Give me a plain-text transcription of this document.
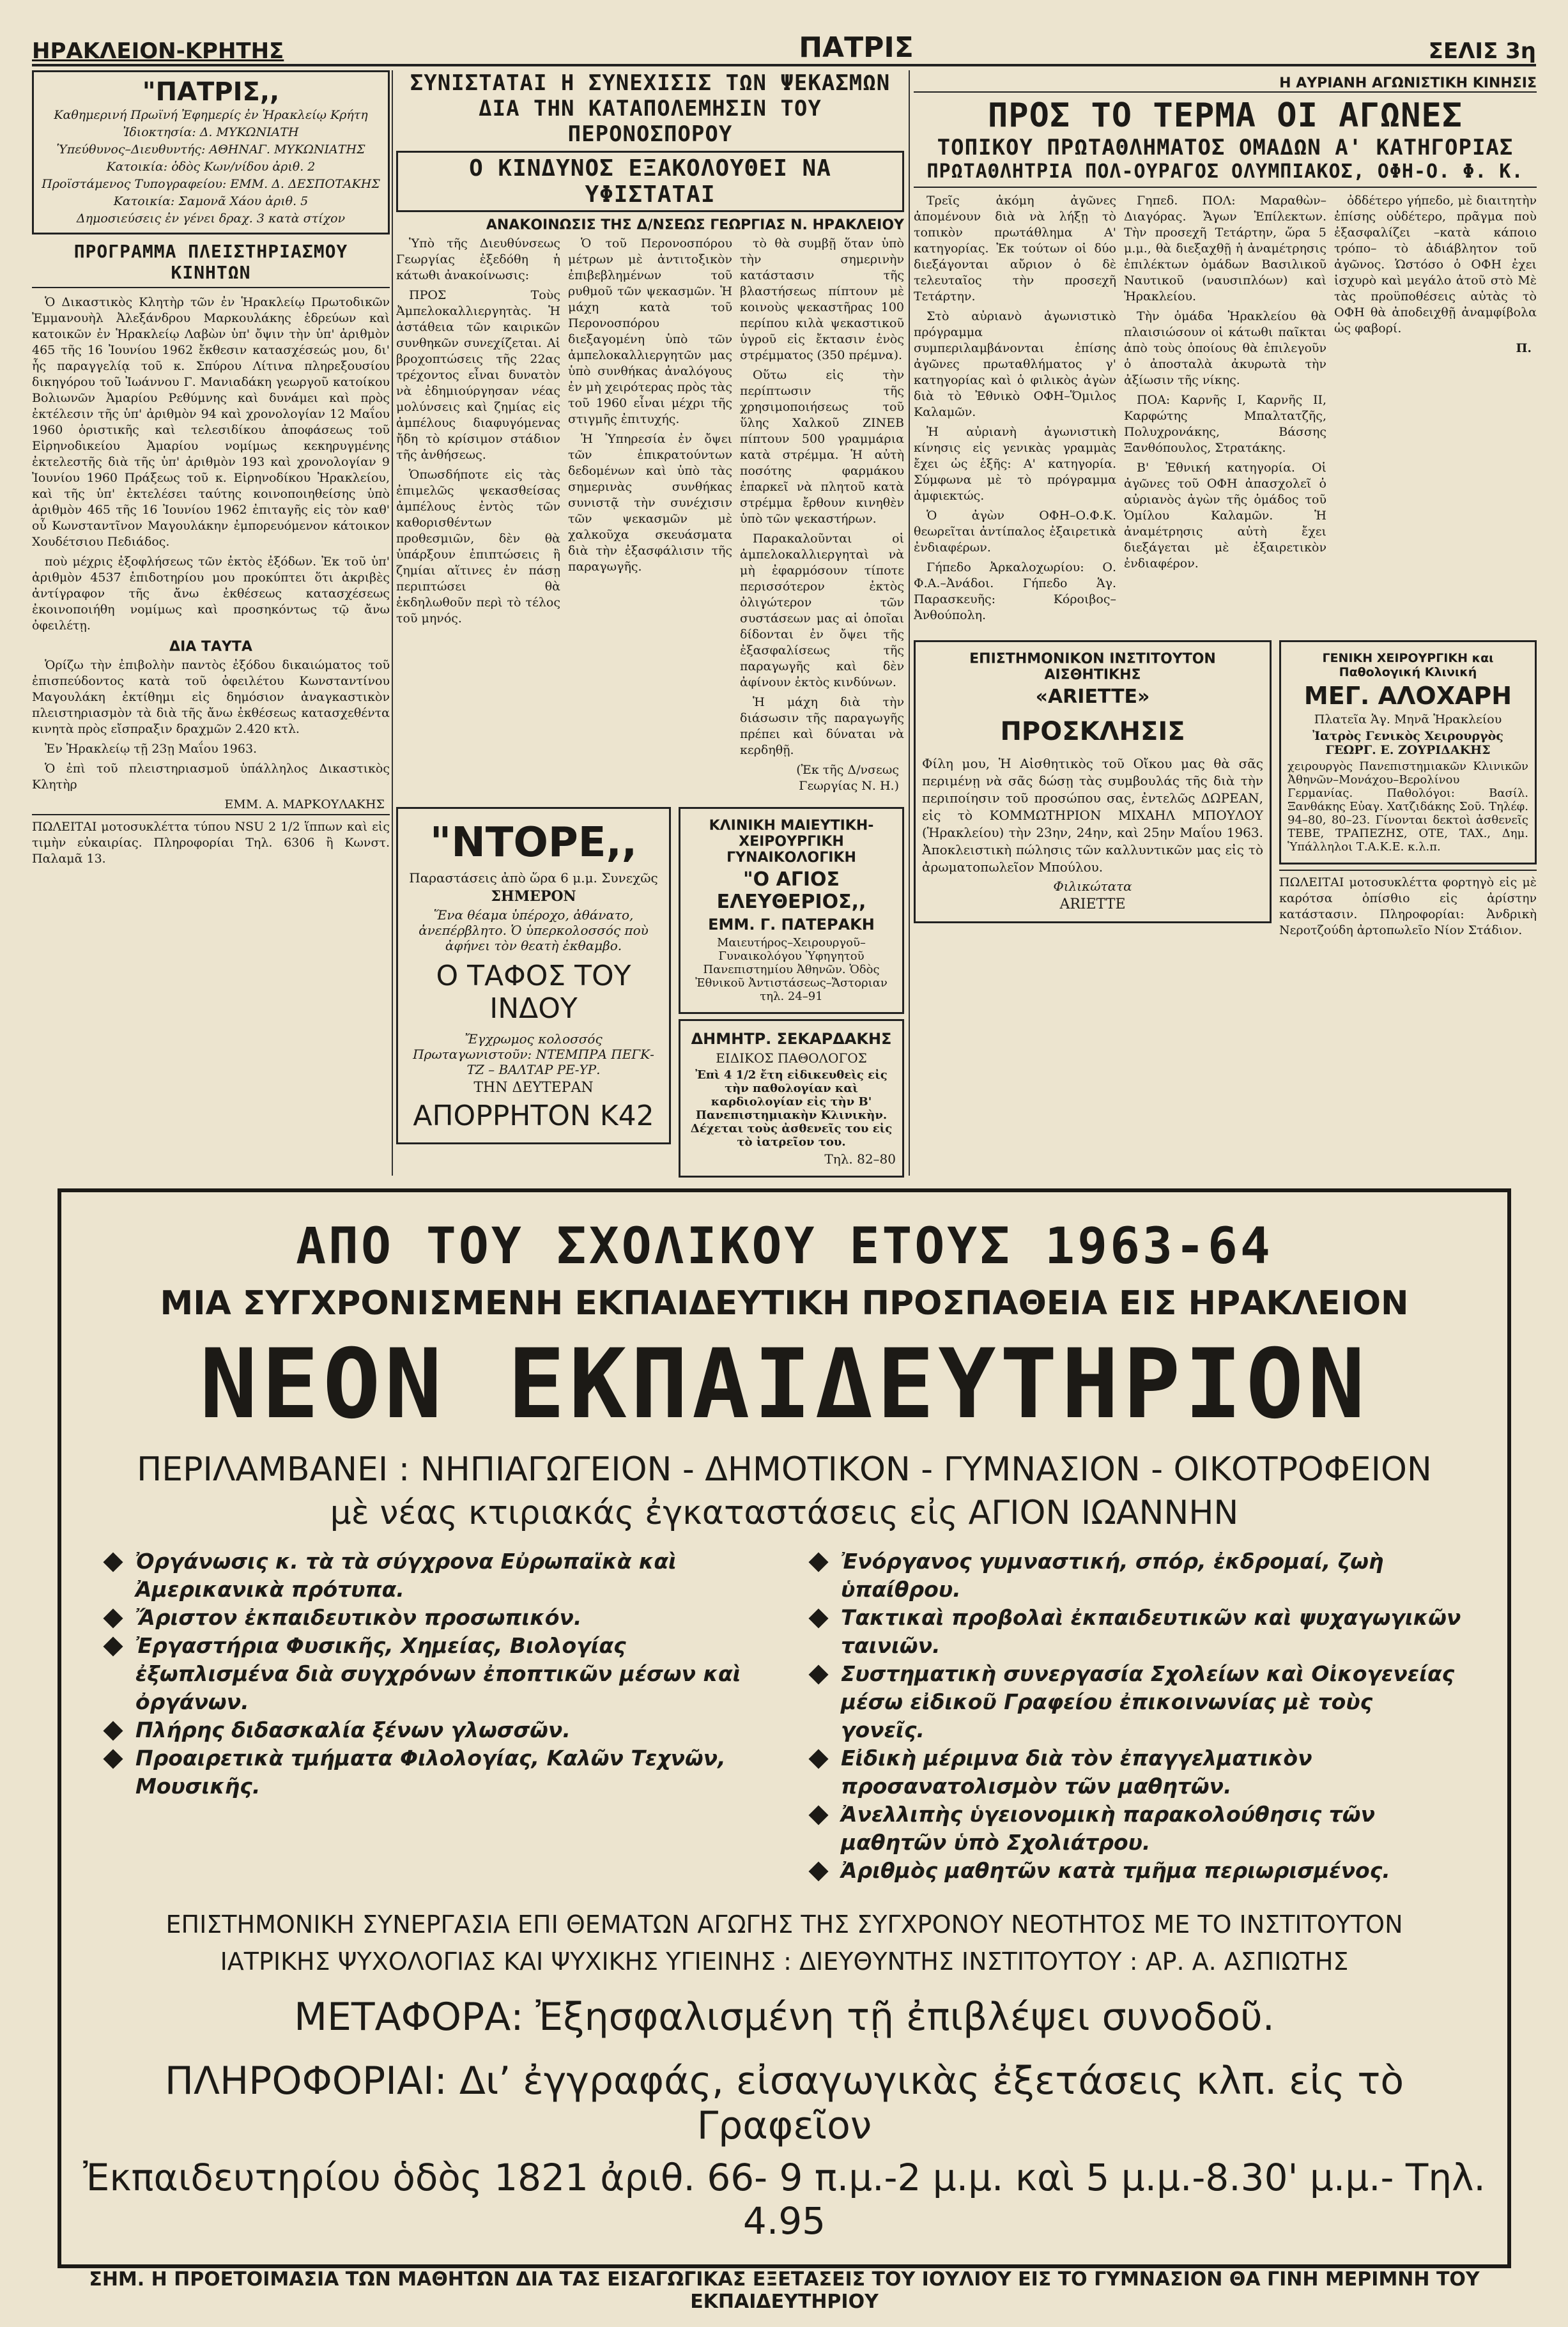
ΗΡΑΚΛΕΙΟΝ-ΚΡΗΤΗΣ	ΠΑΤΡΙΣ	ΣΕΛΙΣ 3η
"ΠΑΤΡΙΣ,,

Καθημερινή Πρωϊνή Ἐφημερίς ἐν Ἡρακλείῳ Κρήτη

Ἰδιοκτησία: Δ. ΜΥΚΩΝΙΑΤΗ

Ὑπεύθυνος–Διευθυντής: ΑΘΗΝΑΓ. ΜΥΚΩΝΙΑΤΗΣ Κατοικία: ὁδὸς Κων/νίδου ἀριθ. 2

Προϊστάμενος Τυπογραφείου: ΕΜΜ. Δ. ΔΕΣΠΟΤΑΚΗΣ Κατοικία: Σαμονᾶ Χάου ἀριθ. 5

Δημοσιεύσεις ἐν γένει δραχ. 3 κατὰ στίχον

ΠΡΟΓΡΑΜΜΑ ΠΛΕΙΣΤΗΡΙΑΣΜΟΥ ΚΙΝΗΤΩΝ

Ὁ Δικαστικὸς Κλητὴρ τῶν ἐν Ἡρακλείῳ Πρωτοδικῶν Ἐμμανουὴλ Ἀλεξάνδρου Μαρκουλάκης ἑδρεύων καὶ κατοικῶν ἐν Ἡρακλείῳ Λαβὼν ὑπ' ὄψιν τὴν ὑπ' ἀριθμὸν 465 τῆς 16 Ἰουνίου 1962 ἔκθεσιν κατασχέσεώς μου, δι' ἧς παραγγελίᾳ τοῦ κ. Σπύρου Λίτινα πληρεξουσίου δικηγόρου τοῦ Ἰωάννου Γ. Μανιαδάκη γεωργοῦ κατοίκου Βολιωνῶν Ἀμαρίου Ρεθύμνης καὶ δυνάμει καὶ πρὸς ἐκτέλεσιν τῆς ὑπ' ἀριθμὸν 94 καὶ χρονολογίαν 12 Μαΐου 1960 ὁριστικῆς καὶ τελεσιδίκου ἀποφάσεως τοῦ Εἰρηνοδικείου Ἀμαρίου νομίμως κεκηρυγμένης ἐκτελεστῆς διὰ τῆς ὑπ' ἀριθμὸν 193 καὶ χρονολογίαν 9 Ἰουνίου 1960 Πράξεως τοῦ κ. Εἰρηνοδίκου Ἡρακλείου, καὶ τῆς ὑπ' ἐκτελέσει ταύτης κοινοποιηθείσης ὑπὸ ἀριθμὸν 465 τῆς 16 Ἰουνίου 1962 ἐπιταγῆς εἰς τὸν καθ' οὗ Κωνσταντῖνον Μαγουλάκην ἐμπορευόμενον κάτοικον Χουδέτσιου Πεδιάδος.

ποὺ μέχρις ἐξοφλήσεως τῶν ἐκτὸς ἐξόδων. Ἐκ τοῦ ὑπ' ἀριθμὸν 4537 ἐπιδοτηρίου μου προκύπτει ὅτι ἀκριβὲς ἀντίγραφον τῆς ἄνω ἐκθέσεως κατασχέσεως ἐκοινοποιήθη νομίμως καὶ προσηκόντως τῷ ἄνω ὀφειλέτῃ.

ΔΙΑ ΤΑΥΤΑ

Ὁρίζω τὴν ἐπιβολὴν παντὸς ἐξόδου δικαιώματος τοῦ ἐπισπεύδοντος κατὰ τοῦ ὀφειλέτου Κωνσταντίνου Μαγουλάκη ἐκτίθημι εἰς δημόσιον ἀναγκαστικὸν πλειστηριασμὸν τὰ διὰ τῆς ἄνω ἐκθέσεως κατασχεθέντα κινητὰ πρὸς εἴσπραξιν δραχμῶν 2.420 κτλ.

Ἐν Ἡρακλείῳ τῇ 23ῃ Μαΐου 1963.

Ὁ ἐπὶ τοῦ πλειστηριασμοῦ ὑπάλληλος Δικαστικὸς Κλητὴρ

ΕΜΜ. Α. ΜΑΡΚΟΥΛΑΚΗΣ

ΠΩΛΕΙΤΑΙ μοτοσυκλέττα τύπου NSU 2 1/2 ἵππων καὶ εἰς τιμὴν εὐκαιρίας. Πληροφορίαι Τηλ. 6306 ἢ Κωνστ. Παλαμᾶ 13.

ΣΥΝΙΣΤΑΤΑΙ Η ΣΥΝΕΧΙΣΙΣ ΤΩΝ ΨΕΚΑΣΜΩΝ
ΔΙΑ ΤΗΝ ΚΑΤΑΠΟΛΕΜΗΣΙΝ ΤΟΥ ΠΕΡΟΝΟΣΠΟΡΟΥ
Ο ΚΙΝΔΥΝΟΣ ΕΞΑΚΟΛΟΥΘΕΙ ΝΑ ΥΦΙΣΤΑΤΑΙ
ΑΝΑΚΟΙΝΩΣΙΣ ΤΗΣ Δ/ΝΣΕΩΣ ΓΕΩΡΓΙΑΣ Ν. ΗΡΑΚΛΕΙΟΥ

Ὑπὸ τῆς Διευθύνσεως Γεωργίας ἐξεδόθη ἡ κάτωθι ἀνακοίνωσις:

ΠΡΟΣ Τοὺς Ἀμπελοκαλλιεργητὰς. Ἡ ἀστάθεια τῶν καιρικῶν συνθηκῶν συνεχίζεται. Αἱ βροχοπτώσεις τῆς 22ας τρέχοντος εἶναι δυνατὸν νὰ ἐδημιούργησαν νέας μολύνσεις καὶ ζημίας εἰς ἀμπέλους διαφυγόμενας ἤδη τὸ κρίσιμον στάδιον τῆς ἀνθήσεως.

Ὁπωσδήποτε εἰς τὰς ἐπιμελῶς ψεκασθείσας ἀμπέλους ἐντὸς τῶν καθορισθέντων προθεσμιῶν, δὲν θὰ ὑπάρξουν ἐπιπτώσεις ἢ ζημίαι αἵτινες ἐν πάσῃ περιπτώσει θὰ ἐκδηλωθοῦν περὶ τὸ τέλος τοῦ μηνός.

Ὁ τοῦ Περονοσπόρου μέτρων μὲ ἀντιτοξικὸν ἐπιβεβλημένων τοῦ ρυθμοῦ τῶν ψεκασμῶν. Ἡ μάχη κατὰ τοῦ Περονοσπόρου διεξαγομένη ὑπὸ τῶν ἀμπελοκαλλιεργητῶν μας ὑπὸ συνθήκας ἀναλόγους ἐν μὴ χειρότερας πρὸς τὰς τοῦ 1960 εἶναι μέχρι τῆς στιγμῆς ἐπιτυχής.

Ἡ Ὑπηρεσία ἐν ὄψει τῶν ἐπικρατούντων δεδομένων καὶ ὑπὸ τὰς σημερινὰς συνθήκας συνιστᾷ τὴν συνέχισιν τῶν ψεκασμῶν μὲ χαλκοῦχα σκευάσματα διὰ τὴν ἐξασφάλισιν τῆς παραγωγῆς.

τὸ θὰ συμβῇ ὅταν ὑπὸ τὴν σημερινὴν κατάστασιν τῆς βλαστήσεως πίπτουν μὲ κοινοὺς ψεκαστῆρας 100 περίπου κιλὰ ψεκαστικοῦ ὑγροῦ εἰς ἔκτασιν ἑνὸς στρέμματος (350 πρέμνα).

Οὕτω εἰς τὴν περίπτωσιν τῆς χρησιμοποιήσεως τοῦ ὕλης Χαλκοῦ ZINEB πίπτουν 500 γραμμάρια κατὰ στρέμμα. Ἡ αὐτὴ ποσότης φαρμάκου ἐπαρκεῖ νὰ πλητοῦ κατὰ στρέμμα ἔρθουν κινηθὲν ὑπὸ τῶν ψεκαστήρων.

Παρακαλοῦνται οἱ ἀμπελοκαλλιεργηταὶ νὰ μὴ ἐφαρμόσουν τίποτε περισσότερον ἐκτὸς ὀλιγώτερον τῶν συστάσεων μας αἱ ὁποῖαι δίδονται ἐν ὄψει τῆς ἐξασφαλίσεως τῆς παραγωγῆς καὶ δὲν ἀφίνουν ἐκτὸς κινδύνων.

Ἡ μάχη διὰ τὴν διάσωσιν τῆς παραγωγῆς πρέπει καὶ δύναται νὰ κερδηθῇ.

(Ἐκ τῆς Δ/νσεως Γεωργίας Ν. Η.)

"ΝΤΟΡΕ,,

Παραστάσεις ἀπὸ ὥρα 6 μ.μ. Συνεχῶς

ΣΗΜΕΡΟΝ

Ἕνα θέαμα ὑπέροχο, ἀθάνατο, ἀνεπέρβλητο. Ὁ ὑπερκολοσσός ποὺ ἀφήνει τὸν θεατὴ ἐκθαμβο.

Ο ΤΑΦΟΣ ΤΟΥ ΙΝΔΟΥ

Ἔγχρωμος κολοσσός Πρωταγωνιστοῦν: ΝΤΕΜΠΡΑ ΠΕΓΚ-ΤΖ – ΒΑΛΤΑΡ ΡΕ-ΥΡ.

ΤΗΝ ΔΕΥΤΕΡΑΝ

ΑΠΟΡΡΗΤΟΝ Κ42

ΚΛΙΝΙΚΗ ΜΑΙΕΥΤΙΚΗ-ΧΕΙΡΟΥΡΓΙΚΗ ΓΥΝΑΙΚΟΛΟΓΙΚΗ

"Ο ΑΓΙΟΣ ΕΛΕΥΘΕΡΙΟΣ,,

ΕΜΜ. Γ. ΠΑΤΕΡΑΚΗ

Μαιευτήρος–Χειρουργοῦ–Γυναικολόγου Ὑφηγητοῦ Πανεπιστημίου Ἀθηνῶν. Ὁδὸς Ἐθνικοῦ Ἀντιστάσεως–Ἄστοριαν τηλ. 24–91

ΔΗΜΗΤΡ. ΣΕΚΑΡΔΑΚΗΣ

ΕΙΔΙΚΟΣ ΠΑΘΟΛΟΓΟΣ

Ἐπὶ 4 1/2 ἔτη εἰδικευθεὶς εἰς τὴν παθολογίαν καὶ καρδιολογίαν εἰς τὴν Β' Πανεπιστημιακὴν Κλινικὴν. Δέχεται τοὺς ἀσθενεῖς του εἰς τὸ ἰατρεῖον του.

Τηλ. 82–80

Η ΑΥΡΙΑΝΗ ΑΓΩΝΙΣΤΙΚΗ ΚΙΝΗΣΙΣ
ΠΡΟΣ ΤΟ ΤΕΡΜΑ ΟΙ ΑΓΩΝΕΣ
ΤΟΠΙΚΟΥ ΠΡΩΤΑΘΛΗΜΑΤΟΣ ΟΜΑΔΩΝ Α' ΚΑΤΗΓΟΡΙΑΣ
ΠΡΩΤΑΘΛΗΤΡΙΑ ΠΟΛ-ΟΥΡΑΓΟΣ ΟΛΥΜΠΙΑΚΟΣ, ΟΦΗ-Ο. Φ. Κ.

Τρεῖς ἀκόμη ἀγῶνες ἀπομένουν διὰ νὰ λήξῃ τὸ τοπικὸν πρωτάθλημα Α' κατηγορίας. Ἐκ τούτων οἱ δύο διεξάγονται αὔριον ὁ δὲ τελευταῖος τὴν προσεχῆ Τετάρτην.

Στὸ αὐριανὸ ἀγωνιστικὸ πρόγραμμα συμπεριλαμβάνονται ἐπίσης ἀγῶνες πρωταθλήματος γ' κατηγορίας καὶ ὁ φιλικὸς ἀγὼν διὰ τὸ Ἐθνικὸ ΟΦΗ–Ὅμιλος Καλαμῶν.

Ἡ αὐριανὴ ἀγωνιστικὴ κίνησις εἰς γενικὰς γραμμὰς ἔχει ὡς ἑξῆς: Α' κατηγορία. Σύμφωνα μὲ τὸ πρόγραμμα ἀμφιεκτώς.

Ὁ ἀγὼν ΟΦΗ–Ο.Φ.Κ. θεωρεῖται ἀντίπαλος ἐξαιρετικὰ ἐνδιαφέρων.

Γήπεδο Ἀρκαλοχωρίου: Ο. Φ.Α.–Ἀνάδοι. Γήπεδο Ἁγ. Παρασκευῆς: Κόροιβος–Ἀνθούπολη.

Γηπεδ. ΠΟΛ: Μαραθὼν–Διαγόρας. Ἄγων Ἐπίλεκτων. Τὴν προσεχῆ Τετάρτην, ὥρα 5 μ.μ., θὰ διεξαχθῇ ἡ ἀναμέτρησις ἐπιλέκτων ὁμάδων Βασιλικοῦ Ναυτικοῦ (ναυσιπλόων) καὶ Ἡρακλείου.

Τὴν ὁμάδα Ἡρακλείου θὰ πλαισιώσουν οἱ κάτωθι παῖκται ἀπὸ τοὺς ὁποίους θὰ ἐπιλεγοῦν ὁ ἀποσταλὰ ἀκυρωτὰ τὴν ἀξίωσιν τῆς νίκης.

ΠΟΑ: Καρνῆς Ι, Καρνῆς ΙΙ, Καρφώτης Μπαλτατζῆς, Πολυχρονάκης, Βάσσης Ξανθόπουλος, Στρατάκης.

Β' Ἐθνική κατηγορία. Οἱ ἀγῶνες τοῦ ΟΦΗ ἀπασχολεῖ ὁ αὐριανὸς ἀγὼν τῆς ὁμάδος τοῦ Ὁμίλου Καλαμῶν. Ἡ ἀναμέτρησις αὐτὴ ἔχει διεξάγεται μὲ ἐξαιρετικὸν ἐνδιαφέρον.

ὀδδέτερο γήπεδο, μὲ διαιτητὴν ἐπίσης οὐδέτερο, πρᾶγμα ποὺ ἐξασφαλίζει –κατὰ κάποιο τρόπο– τὸ ἀδιάβλητον τοῦ ἀγῶνος. Ὡστόσο ὁ ΟΦΗ ἐχει ἰσχυρὸ καὶ μεγάλο ἀτοῦ στὸ Μὲ τὰς προϋποθέσεις αὐτὰς τὸ ΟΦΗ θὰ ἀποδειχθῇ ἀναμφίβολα ὡς φαβορί.

Π.

ΕΠΙΣΤΗΜΟΝΙΚΟΝ ΙΝΣΤΙΤΟΥΤΟΝ ΑΙΣΘΗΤΙΚΗΣ

«ARIETTE»

ΠΡΟΣΚΛΗΣΙΣ

Φίλη μου, Ἡ Αἰσθητικὸς τοῦ Οἴκου μας θὰ σᾶς περιμένῃ νὰ σᾶς δώσῃ τὰς συμβουλάς τῆς διὰ τὴν περιποίησιν τοῦ προσώπου σας, ἐντελῶς ΔΩΡΕΑΝ, εἰς τὸ ΚΟΜΜΩΤΗΡΙΟΝ ΜΙΧΑΗΛ ΜΠΟΥΛΟΥ (Ἡρακλείου) τὴν 23ην, 24ην, καὶ 25ην Μαΐου 1963. Ἀποκλειστικὴ πώλησις τῶν καλλυντικῶν μας εἰς τὸ ἀρωματοπωλεῖον Μπούλου.

Φιλικώτατα

ARIETTE

ΓΕΝΙΚΗ ΧΕΙΡΟΥΡΓΙΚΗ και Παθολογική Κλινική

ΜΕΓ. ΑΛΟΧΑΡΗ

Πλατεῖα Ἁγ. Μηνᾶ Ἡρακλείου

Ἰατρὸς Γενικὸς Χειρουργὸς ΓΕΩΡΓ. Ε. ΖΟΥΡΙΔΑΚΗΣ

χειρουργὸς Πανεπιστημιακῶν Κλινικῶν Ἀθηνῶν–Μονάχου–Βερολίνου Γερμανίας. Παθολόγοι: Βασίλ. Ξανθάκης Εὐαγ. Χατζιδάκης Σοῦ. Τηλέφ. 94–80, 80–23. Γίνονται δεκτοὶ ἀσθενεῖς ΤΕΒΕ, ΤΡΑΠΕΖΗΣ, ΟΤΕ, ΤΑΧ., Δημ. Ὑπάλληλοι Τ.Α.Κ.Ε. κ.λ.π.

ΠΩΛΕΙΤΑΙ μοτοσυκλέττα φορτηγὸ εἰς μὲ καρότσα ὀπίσθιο εἰς ἀρίστην κατάστασιν. Πληροφορίαι: Ἀνδρικὴ Νεροτζούδη ἀρτοπωλεῖο Νίον Στάδιον.

ΑΠΟ ΤΟΥ ΣΧΟΛΙΚΟΥ ΕΤΟΥΣ 1963-64

ΜΙΑ ΣΥΓΧΡΟΝΙΣΜΕΝΗ ΕΚΠΑΙΔΕΥΤΙΚΗ ΠΡΟΣΠΑΘΕΙΑ ΕΙΣ ΗΡΑΚΛΕΙΟΝ

ΝΕΟΝ ΕΚΠΑΙΔΕΥΤΗΡΙΟΝ

ΠΕΡΙΛΑΜΒΑΝΕΙ : ΝΗΠΙΑΓΩΓΕΙΟΝ - ΔΗΜΟΤΙΚΟΝ - ΓΥΜΝΑΣΙΟΝ - ΟΙΚΟΤΡΟΦΕΙΟΝ

μὲ νέας κτιριακάς ἐγκαταστάσεις εἰς ΑΓΙΟΝ ΙΩΑΝΝΗΝ

Ὀργάνωσις κ. τὰ τὰ σύγχρονα Εὐρωπαϊκὰ καὶ Ἀμερικανικὰ πρότυπα.
Ἄριστον ἐκπαιδευτικὸν προσωπικόν.
Ἐργαστήρια Φυσικῆς, Χημείας, Βιολογίας ἐξωπλισμένα διὰ συγχρόνων ἐποπτικῶν μέσων καὶ ὀργάνων.
Πλήρης διδασκαλία ξένων γλωσσῶν.
Προαιρετικὰ τμήματα Φιλολογίας, Καλῶν Τεχνῶν, Μουσικῆς.
Ἐνόργανος γυμναστική, σπόρ, ἐκδρομαί, ζωὴ ὑπαίθρου.
Τακτικαὶ προβολαὶ ἐκπαιδευτικῶν καὶ ψυχαγωγικῶν ταινιῶν.
Συστηματικὴ συνεργασία Σχολείων καὶ Οἰκογενείας μέσω εἰδικοῦ Γραφείου ἐπικοινωνίας μὲ τοὺς γονεῖς.
Εἰδικὴ μέριμνα διὰ τὸν ἐπαγγελματικὸν προσανατολισμὸν τῶν μαθητῶν.
Ἀνελλιπὴς ὑγειονομικὴ παρακολούθησις τῶν μαθητῶν ὑπὸ Σχολιάτρου.
Ἀριθμὸς μαθητῶν κατὰ τμῆμα περιωρισμένος.

ΕΠΙΣΤΗΜΟΝΙΚΗ ΣΥΝΕΡΓΑΣΙΑ ΕΠΙ ΘΕΜΑΤΩΝ ΑΓΩΓΗΣ ΤΗΣ ΣΥΓΧΡΟΝΟΥ ΝΕΟΤΗΤΟΣ ΜΕ ΤΟ ΙΝΣΤΙΤΟΥΤΟΝ

ΙΑΤΡΙΚΗΣ ΨΥΧΟΛΟΓΙΑΣ ΚΑΙ ΨΥΧΙΚΗΣ ΥΓΙΕΙΝΗΣ : ΔΙΕΥΘΥΝΤΗΣ ΙΝΣΤΙΤΟΥΤΟΥ : ΑΡ. Α. ΑΣΠΙΩΤΗΣ

ΜΕΤΑΦΟΡΑ: Ἐξησφαλισμένη τῇ ἐπιβλέψει συνοδοῦ.

ΠΛΗΡΟΦΟΡΙΑΙ: Διʼ ἐγγραφάς, εἰσαγωγικὰς ἐξετάσεις κλπ. εἰς τὸ Γραφεῖον

Ἐκπαιδευτηρίου ὁδὸς 1821 ἀριθ. 66- 9 π.μ.-2 μ.μ. καὶ 5 μ.μ.-8.30' μ.μ.- Τηλ. 4.95

ΣΗΜ. Η ΠΡΟΕΤΟΙΜΑΣΙΑ ΤΩΝ ΜΑΘΗΤΩΝ ΔΙΑ ΤΑΣ ΕΙΣΑΓΩΓΙΚΑΣ ΕΞΕΤΑΣΕΙΣ ΤΟΥ ΙΟΥΛΙΟΥ ΕΙΣ ΤΟ ΓΥΜΝΑΣΙΟΝ ΘΑ ΓΙΝΗ ΜΕΡΙΜΝΗ ΤΟΥ ΕΚΠΑΙΔΕΥΤΗΡΙΟΥ
